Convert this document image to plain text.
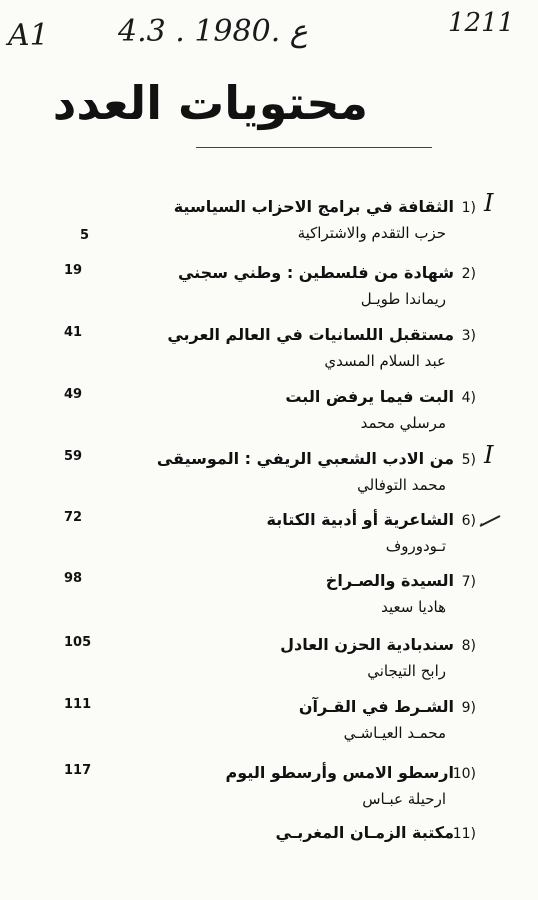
A1 4.3 . ع .1980	1211
محتويات العدد
I
1)
الثقافة في برامج الاحزاب السياسية
حزب التقدم والاشتراكية
5
2)
شهادة من فلسطين : وطني سجني
ريماندا طويـل
19
3)
مستقبل اللسانيات في العالم العربي
عبد السلام المسدي
41
4)
البت فيما يرفض البت
مرسلي محمد
49
I
5)
من الادب الشعبي الريفي : الموسيقى
محمد التوفالي
59
6)
الشاعرية أو أدبية الكتابة
تـودوروف
72
7)
السيدة والصـراخ
هاديا سعيد
98
8)
سندبادية الحزن العادل
رابح التيجاني
105
9)
الشـرط في القـرآن
محمـد العيـاشـي
111
10)
ارسطو الامس وأرسطو اليوم
ارحيلة عبـاس
117
11)
مكتبة الزمـان المغربـي
